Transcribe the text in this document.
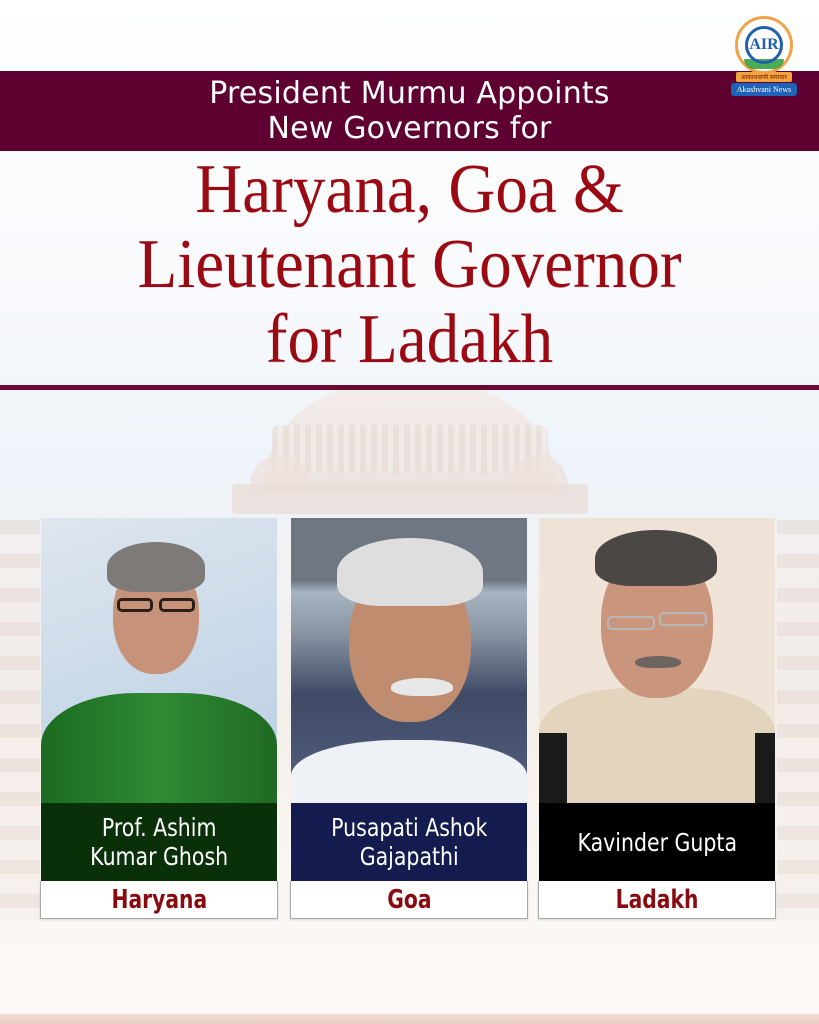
President Murmu Appoints
New Governors for
AIR
आकाशवाणी समाचार
Akashvani News
Haryana, Goa &
Lieutenant Governor
for Ladakh
Prof. Ashim
Kumar Ghosh
Haryana
Pusapati Ashok
Gajapathi
Goa
Kavinder Gupta
Ladakh
